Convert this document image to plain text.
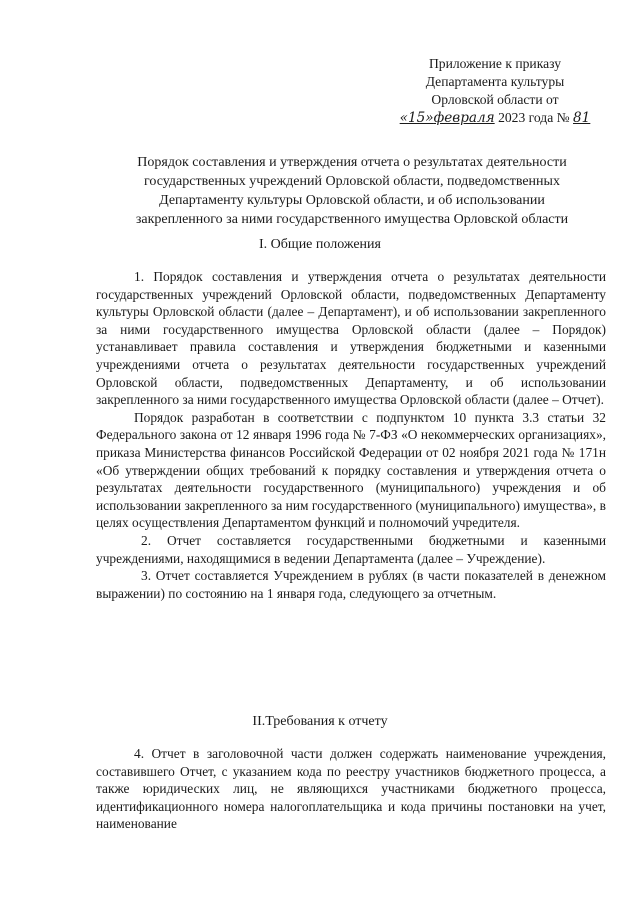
Приложение к приказу
Департамента культуры
Орловской области от
«15»февраля 2023 года № 81
Порядок составления и утверждения отчета о результатах деятельности
государственных учреждений Орловской области, подведомственных
Департаменту культуры Орловской области, и об использовании
закрепленного за ними государственного имущества Орловской области
I. Общие положения

1. Порядок составления и утверждения отчета о результатах деятельности государственных учреждений Орловской области, подведомственных Департаменту культуры Орловской области (далее – Департамент), и об использовании закрепленного за ними государственного имущества Орловской области (далее – Порядок) устанавливает правила составления и утверждения бюджетными и казенными учреждениями отчета о результатах деятельности государственных учреждений Орловской области, подведомственных Департаменту, и об использовании закрепленного за ними государственного имущества Орловской области (далее – Отчет).

Порядок разработан в соответствии с подпунктом 10 пункта 3.3 статьи 32 Федерального закона от 12 января 1996 года № 7-ФЗ «О некоммерческих организациях», приказа Министерства финансов Российской Федерации от 02 ноября 2021 года № 171н «Об утверждении общих требований к порядку составления и утверждения отчета о результатах деятельности государственного (муниципального) учреждения и об использовании закрепленного за ним государственного (муниципального) имущества», в целях осуществления Департаментом функций и полномочий учредителя.

2. Отчет составляется государственными бюджетными и казенными учреждениями, находящимися в ведении Департамента (далее – Учреждение).

3. Отчет составляется Учреждением в рублях (в части показателей в денежном выражении) по состоянию на 1 января года, следующего за отчетным.

II.Требования к отчету

4. Отчет в заголовочной части должен содержать наименование учреждения, составившего Отчет, с указанием кода по реестру участников бюджетного процесса, а также юридических лиц, не являющихся участниками бюджетного процесса, идентификационного номера налогоплательщика и кода причины постановки на учет, наименование
